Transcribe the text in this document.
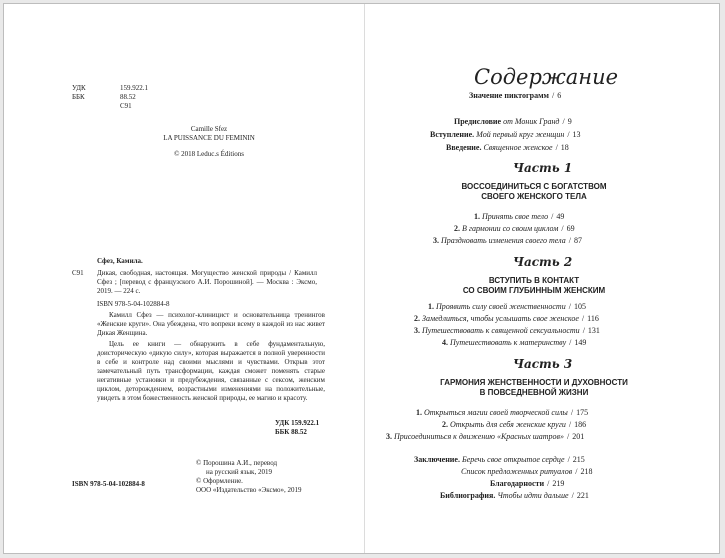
УДК	159.922.1
ББК	88.52
С91
Camille Sfez
LA PUISSANCE DU FEMININ
© 2018 Leduc.s Éditions
Сфез, Камила.
С91 Дикая, свободная, настоящая. Могущество женской природы / Камилл Сфез ; [перевод с французского А.И. Порошиной]. — Москва : Эксмо, 2019. — 224 с.
ISBN 978-5-04-102884-8

Камилл Сфез — психолог-клиницист и основательница тренингов «Женские круги». Она убеждена, что вопреки всему в каждой из нас живет Дикая Женщина.

Цель ее книги — обнаружить в себе фундаментальную, доисторическую «дикую силу», которая выражается в полной уверенности в себе и контроле над своими мыслями и чувствами. Открыв этот замечательный путь трансформации, каждая сможет поменять старые негативные установки и предубеждения, связанные с сексом, женским циклом, деторождением, возрастными изменениями на положительные, увидеть в этом божественность женской природы, ее магию и красоту.

УДК 159.922.1
ББК 88.52
ISBN 978-5-04-102884-8
© Порошина А.И., перевод
на русский язык, 2019
© Оформление.
ООО «Издательство «Эксмо», 2019
Содержание
Значение пиктограмм / 6
Предисловие от Моник Гранд / 9
Вступление. Мой первый круг женщин / 13
Введение. Священное женское / 18
Часть 1
ВОССОЕДИНИТЬСЯ С БОГАТСТВОМ
СВОЕГО ЖЕНСКОГО ТЕЛА
1. Принять свое тело / 49
2. В гармонии со своим циклом / 69
3. Праздновать изменения своего тела / 87
Часть 2
ВСТУПИТЬ В КОНТАКТ
СО СВОИМ ГЛУБИННЫМ ЖЕНСКИМ
1. Проявить силу своей женственности / 105
2. Замедлиться, чтобы услышать свое женское / 116
3. Путешествовать к священной сексуальности / 131
4. Путешествовать к материнству / 149
Часть 3
ГАРМОНИЯ ЖЕНСТВЕННОСТИ И ДУХОВНОСТИ
В ПОВСЕДНЕВНОЙ ЖИЗНИ
1. Открыться магии своей творческой силы / 175
2. Открыть для себя женские круги / 186
3. Присоединиться к движению «Красных шатров» / 201
Заключение. Беречь свое открытое сердце / 215
Список предложенных ритуалов / 218
Благодарности / 219
Библиография. Чтобы идти дальше / 221
